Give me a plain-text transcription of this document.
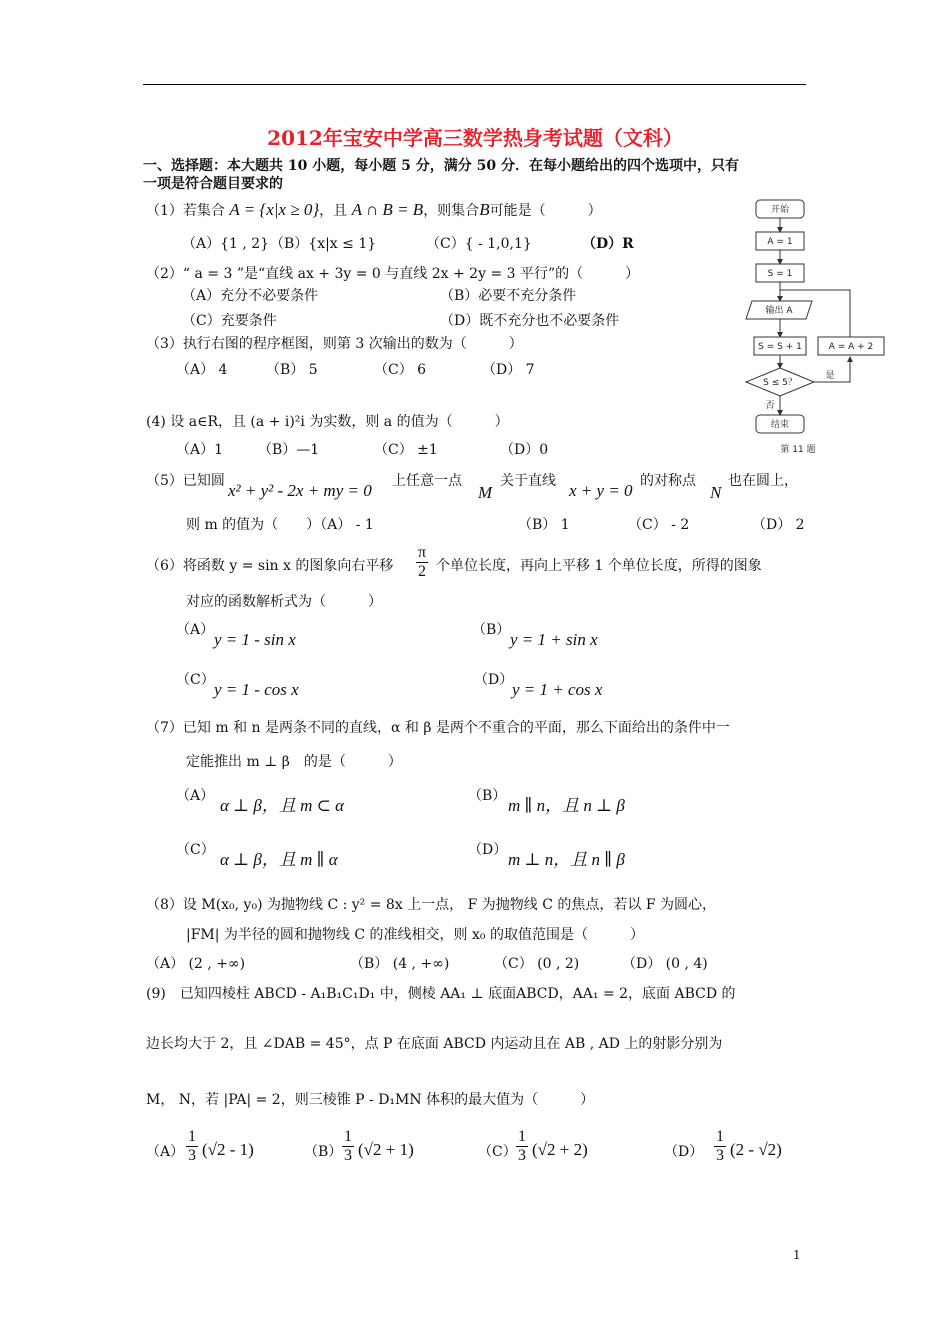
2012年宝安中学高三数学热身考试题（文科）
一、选择题：本大题共 10 小题，每小题 5 分，满分 50 分．在每小题给出的四个选项中，只有
一项是符合题目要求的
（1）若集合 A = {x|x ≥ 0}，且 A ∩ B = B，则集合B可能是（　　　）
（A）{1 , 2} （B）{x|x ≤ 1}	（C）{ - 1,0,1}	（D）R
（2）“ a = 3 ”是“直线 ax + 3y = 0 与直线 2x + 2y = 3 平行”的（　　　）
（A）充分不必要条件	（B）必要不充分条件
（C）充要条件	（D）既不充分也不必要条件
（3）执行右图的程序框图，则第 3 次输出的数为（　　　）
（A） 4	（B） 5	（C） 6	（D） 7
(4) 设 a∈R，且 (a + i)²i 为实数，则 a 的值为（　　　）
（A）1 （B）—1	（C） ±1	（D）0
（5）已知圆 x² + y² - 2x + my = 0 上任意一点
M
关于直线 x + y = 0 的对称点
N
也在圆上，
则 m 的值为（　　）（A） - 1	（B） 1	（C） - 2	（D） 2
（6）将函数 y = sin x 的图象向右平移 $\frac{\pi}{2}$ 个单位长度，再向上平移 1 个单位长度，所得的图象
对应的函数解析式为（　　　）
（A） y = 1 - sin x	（B） y = 1 + sin x
（C） y = 1 - cos x	（D）
y = 1 + cos x
（7）已知 m 和 n 是两条不同的直线，α 和 β 是两个不重合的平面，那么下面给出的条件中一
定能推出 m ⊥ β　的是（　　　）
（A） α ⊥ β，且 m ⊂ α	（B） m ∥ n，且 n ⊥ β
（C） α ⊥ β，且 m ∥ α	（D） m ⊥ n，且 n ∥ β
（8）设 M(x₀, y₀) 为抛物线 C : y² = 8x 上一点， F 为抛物线 C 的焦点，若以 F 为圆心，
|FM| 为半径的圆和抛物线 C 的准线相交，则 x₀ 的取值范围是（　　　）
（A） (2 , +∞)	（B） (4 , +∞)	（C） (0 , 2)	（D） (0 , 4)
(9)　已知四棱柱 ABCD - A₁B₁C₁D₁ 中，侧棱 AA₁ ⊥ 底面ABCD，AA₁ = 2，底面 ABCD 的
边长均大于 2，且 ∠DAB = 45°，点 P 在底面 ABCD 内运动且在 AB , AD 上的射影分别为
M， N，若 |PA| = 2，则三棱锥 P - D₁MN 体积的最大值为（　　　）
$(A) \frac{1}{3} (√2 - 1)$	$(B) \frac{1}{3} (√2 + 1)$	$(C) \frac{1}{3} (√2 + 2)$	$(D) \frac{1}{3} (2 - √2)$
开始
A = 1
S = 1
输出 A
S = S + 1
S ≤ 5？
结束
A = A + 2
是
否
第 11 题
1
